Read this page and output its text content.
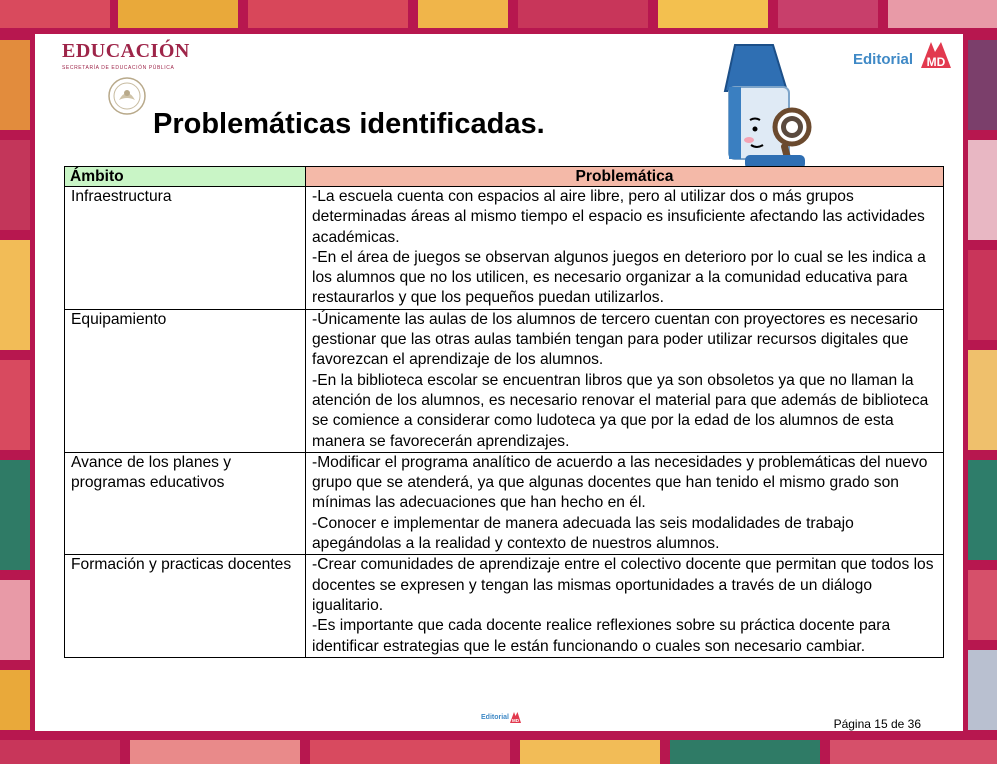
EDUCACIÓN
SECRETARÍA DE EDUCACIÓN PÚBLICA	Editorial MD
Problemáticas identificadas.
Ámbito	Problemática
Infraestructura	-La escuela cuenta con espacios al aire libre, pero al utilizar dos o más grupos determinadas áreas al mismo tiempo el espacio es insuficiente afectando las actividades académicas.
-En el área de juegos se observan algunos juegos en deterioro por lo cual se les indica a los alumnos que no los utilicen, es necesario organizar a la comunidad educativa para restaurarlos y que los pequeños puedan utilizarlos.

Equipamiento	-Únicamente las aulas de los alumnos de tercero cuentan con proyectores es necesario gestionar que las otras aulas también tengan para poder utilizar recursos digitales que favorezcan el aprendizaje de los alumnos.
-En la biblioteca escolar se encuentran libros que ya son obsoletos ya que no llaman la atención de los alumnos, es necesario renovar el material para que además de biblioteca se comience a considerar como ludoteca ya que por la edad de los alumnos de esta manera se favorecerán aprendizajes.

Avance de los planes y programas educativos	-Modificar el programa analítico de acuerdo a las necesidades y problemáticas del nuevo grupo que se atenderá, ya que algunas docentes que han tenido el mismo grado son mínimas las adecuaciones que han hecho en él.
-Conocer e implementar de manera adecuada las seis modalidades de trabajo apegándolas a la realidad y contexto de nuestros alumnos.

Formación y practicas docentes	-Crear comunidades de aprendizaje entre el colectivo docente que permitan que todos los docentes se expresen y tengan las mismas oportunidades a través de un diálogo igualitario.
-Es importante que cada docente realice reflexiones sobre su práctica docente para identificar estrategias que le están funcionando o cuales son necesario cambiar.
Editorial MD	Página 15 de 36
